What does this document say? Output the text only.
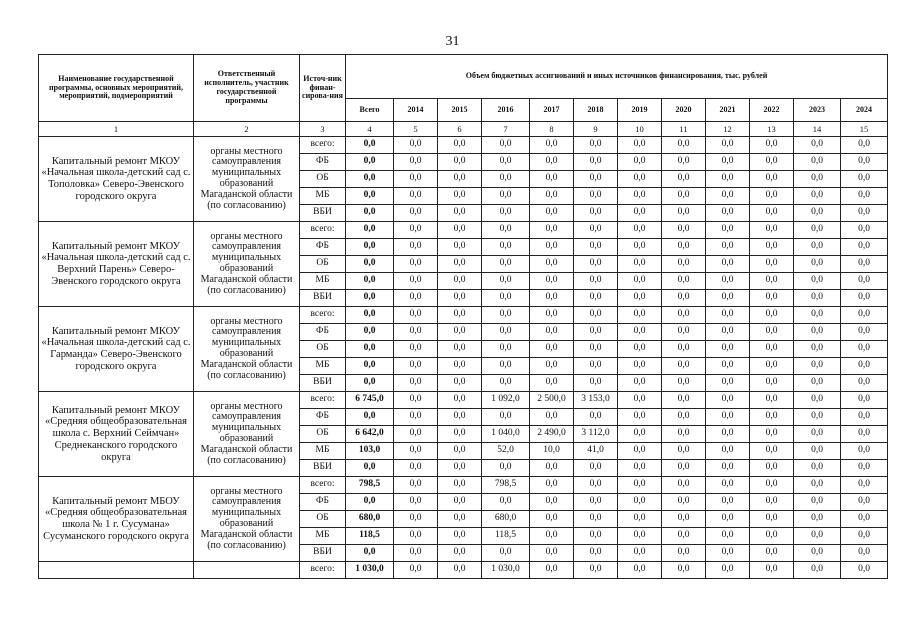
31
Наименование государственной программы, основных мероприятий, мероприятий, подмероприятий	Ответственный исполнитель, участник государственной программы	Источ-ник финан-сирова-ния	Объем бюджетных ассигнований и иных источников финансирования, тыс. рублей											
			Всего	2014	2015	2016	2017	2018	2019	2020	2021	2022	2023	2024
1	2	3	4	5	6	7	8	9	10	11	12	13	14	15
Капитальный ремонт МКОУ «Начальная школа-детский сад с. Тополовка» Северо-Эвенского городского округа	органы местного самоуправления муниципальных образований Магаданской области (по согласованию)	всего:	0,0	0,0	0,0	0,0	0,0	0,0	0,0	0,0	0,0	0,0	0,0	0,0
		ФБ	0,0	0,0	0,0	0,0	0,0	0,0	0,0	0,0	0,0	0,0	0,0	0,0
		ОБ	0,0	0,0	0,0	0,0	0,0	0,0	0,0	0,0	0,0	0,0	0,0	0,0
		МБ	0,0	0,0	0,0	0,0	0,0	0,0	0,0	0,0	0,0	0,0	0,0	0,0
		ВБИ	0,0	0,0	0,0	0,0	0,0	0,0	0,0	0,0	0,0	0,0	0,0	0,0
Капитальный ремонт МКОУ «Начальная школа-детский сад с. Верхний Парень» Северо-Эвенского городского округа	органы местного самоуправления муниципальных образований Магаданской области (по согласованию)	всего:	0,0	0,0	0,0	0,0	0,0	0,0	0,0	0,0	0,0	0,0	0,0	0,0
		ФБ	0,0	0,0	0,0	0,0	0,0	0,0	0,0	0,0	0,0	0,0	0,0	0,0
		ОБ	0,0	0,0	0,0	0,0	0,0	0,0	0,0	0,0	0,0	0,0	0,0	0,0
		МБ	0,0	0,0	0,0	0,0	0,0	0,0	0,0	0,0	0,0	0,0	0,0	0,0
		ВБИ	0,0	0,0	0,0	0,0	0,0	0,0	0,0	0,0	0,0	0,0	0,0	0,0
Капитальный ремонт МКОУ «Начальная школа-детский сад с. Гарманда» Северо-Эвенского городского округа	органы местного самоуправления муниципальных образований Магаданской области (по согласованию)	всего:	0,0	0,0	0,0	0,0	0,0	0,0	0,0	0,0	0,0	0,0	0,0	0,0
		ФБ	0,0	0,0	0,0	0,0	0,0	0,0	0,0	0,0	0,0	0,0	0,0	0,0
		ОБ	0,0	0,0	0,0	0,0	0,0	0,0	0,0	0,0	0,0	0,0	0,0	0,0
		МБ	0,0	0,0	0,0	0,0	0,0	0,0	0,0	0,0	0,0	0,0	0,0	0,0
		ВБИ	0,0	0,0	0,0	0,0	0,0	0,0	0,0	0,0	0,0	0,0	0,0	0,0
Капитальный ремонт МКОУ «Средняя общеобразовательная школа с. Верхний Сеймчан» Среднеканского городского округа	органы местного самоуправления муниципальных образований Магаданской области (по согласованию)	всего:	6 745,0	0,0	0,0	1 092,0	2 500,0	3 153,0	0,0	0,0	0,0	0,0	0,0	0,0
		ФБ	0,0	0,0	0,0	0,0	0,0	0,0	0,0	0,0	0,0	0,0	0,0	0,0
		ОБ	6 642,0	0,0	0,0	1 040,0	2 490,0	3 112,0	0,0	0,0	0,0	0,0	0,0	0,0
		МБ	103,0	0,0	0,0	52,0	10,0	41,0	0,0	0,0	0,0	0,0	0,0	0,0
		ВБИ	0,0	0,0	0,0	0,0	0,0	0,0	0,0	0,0	0,0	0,0	0,0	0,0
Капитальный ремонт МБОУ «Средняя общеобразовательная школа № 1 г. Сусумана» Сусуманского городского округа	органы местного самоуправления муниципальных образований Магаданской области (по согласованию)	всего:	798,5	0,0	0,0	798,5	0,0	0,0	0,0	0,0	0,0	0,0	0,0	0,0
		ФБ	0,0	0,0	0,0	0,0	0,0	0,0	0,0	0,0	0,0	0,0	0,0	0,0
		ОБ	680,0	0,0	0,0	680,0	0,0	0,0	0,0	0,0	0,0	0,0	0,0	0,0
		МБ	118,5	0,0	0,0	118,5	0,0	0,0	0,0	0,0	0,0	0,0	0,0	0,0
		ВБИ	0,0	0,0	0,0	0,0	0,0	0,0	0,0	0,0	0,0	0,0	0,0	0,0
		всего:	1 030,0	0,0	0,0	1 030,0	0,0	0,0	0,0	0,0	0,0	0,0	0,0	0,0
